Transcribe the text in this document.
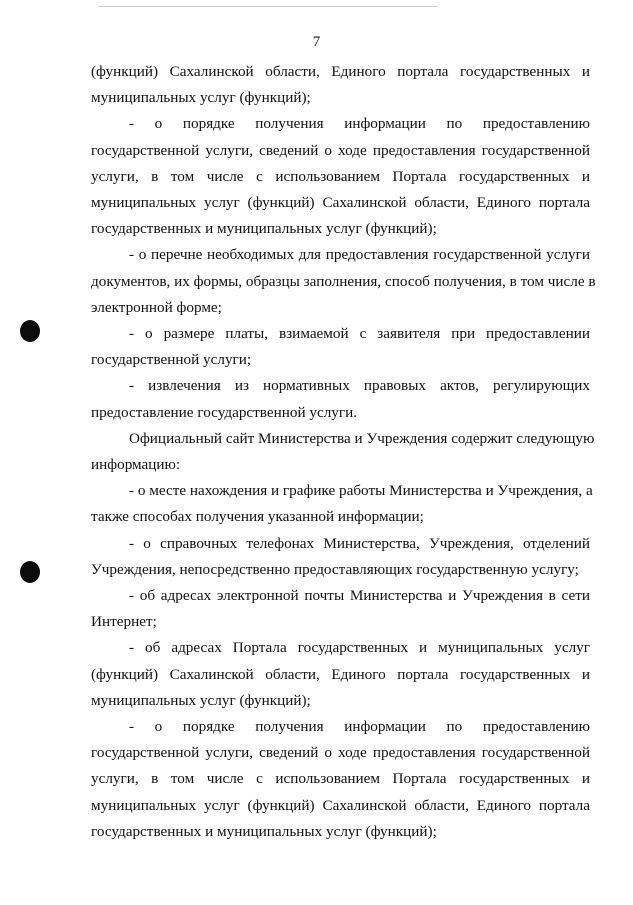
7
(функций) Сахалинской области, Единого портала государственных и
муниципальных услуг (функций);
- о порядке получения информации по предоставлению
государственной услуги, сведений о ходе предоставления государственной
услуги, в том числе с использованием Портала государственных и
муниципальных услуг (функций) Сахалинской области, Единого портала
государственных и муниципальных услуг (функций);
- о перечне необходимых для предоставления государственной услуги
документов, их формы, образцы заполнения, способ получения, в том числе в
электронной форме;
- о размере платы, взимаемой с заявителя при предоставлении
государственной услуги;
- извлечения из нормативных правовых актов, регулирующих
предоставление государственной услуги.
Официальный сайт Министерства и Учреждения содержит следующую
информацию:
- о месте нахождения и графике работы Министерства и Учреждения, а
также способах получения указанной информации;
- о справочных телефонах Министерства, Учреждения, отделений
Учреждения, непосредственно предоставляющих государственную услугу;
- об адресах электронной почты Министерства и Учреждения в сети
Интернет;
- об адресах Портала государственных и муниципальных услуг
(функций) Сахалинской области, Единого портала государственных и
муниципальных услуг (функций);
- о порядке получения информации по предоставлению
государственной услуги, сведений о ходе предоставления государственной
услуги, в том числе с использованием Портала государственных и
муниципальных услуг (функций) Сахалинской области, Единого портала
государственных и муниципальных услуг (функций);
